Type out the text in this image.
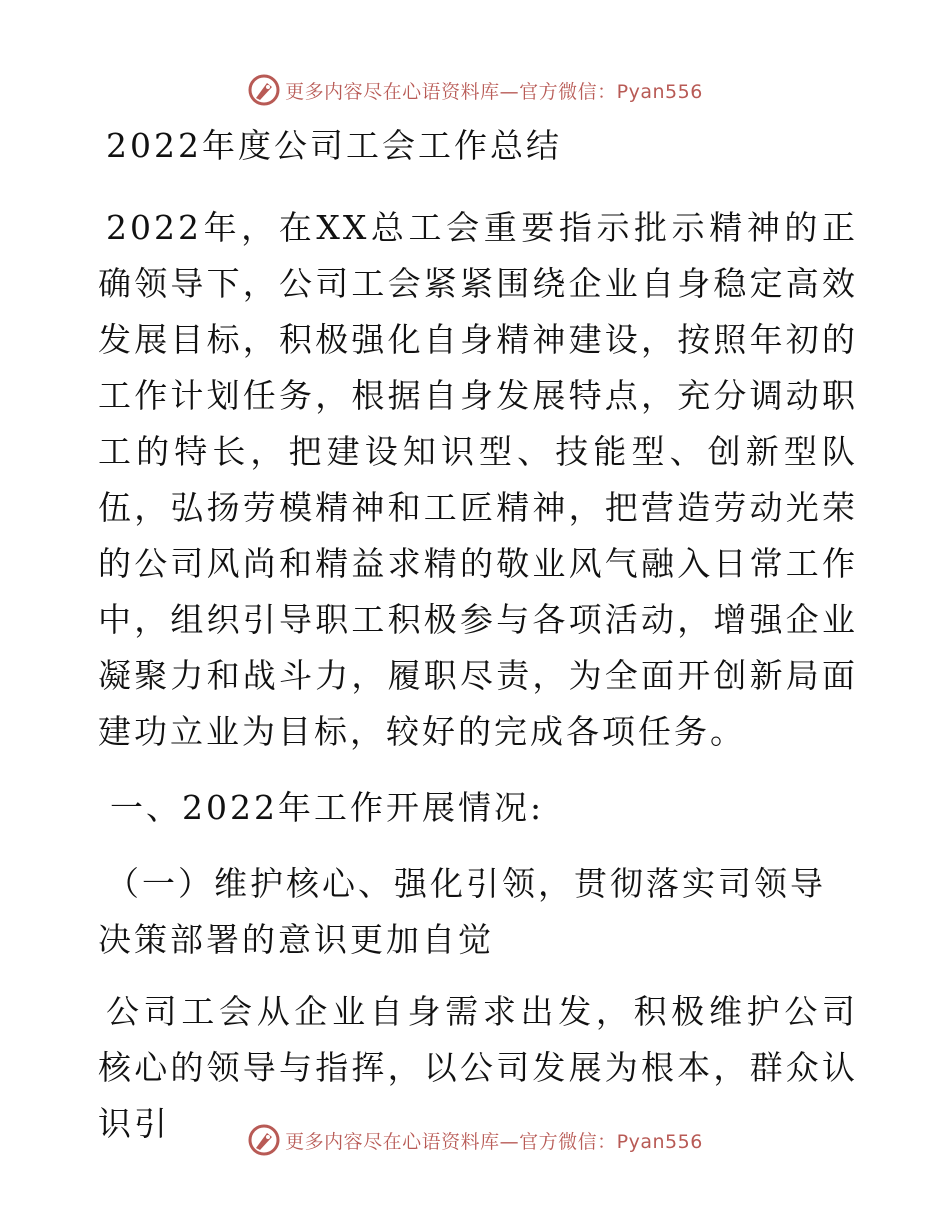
更多内容尽在心语资料库—官方微信：Pyan556

2022年度公司工会工作总结

2022年，在XX总工会重要指示批示精神的正确领导下，公司工会紧紧围绕企业自身稳定高效发展目标，积极强化自身精神建设，按照年初的工作计划任务，根据自身发展特点，充分调动职工的特长，把建设知识型、技能型、创新型队伍，弘扬劳模精神和工匠精神，把营造劳动光荣的公司风尚和精益求精的敬业风气融入日常工作中，组织引导职工积极参与各项活动，增强企业凝聚力和战斗力，履职尽责，为全面开创新局面建功立业为目标，较好的完成各项任务。

一、2022年工作开展情况:

（一）维护核心、强化引领，贯彻落实司领导决策部署的意识更加自觉

公司工会从企业自身需求出发，积极维护公司核心的领导与指挥，以公司发展为根本，群众认识引	更多内容尽在心语资料库—官方微信：Pyan556
